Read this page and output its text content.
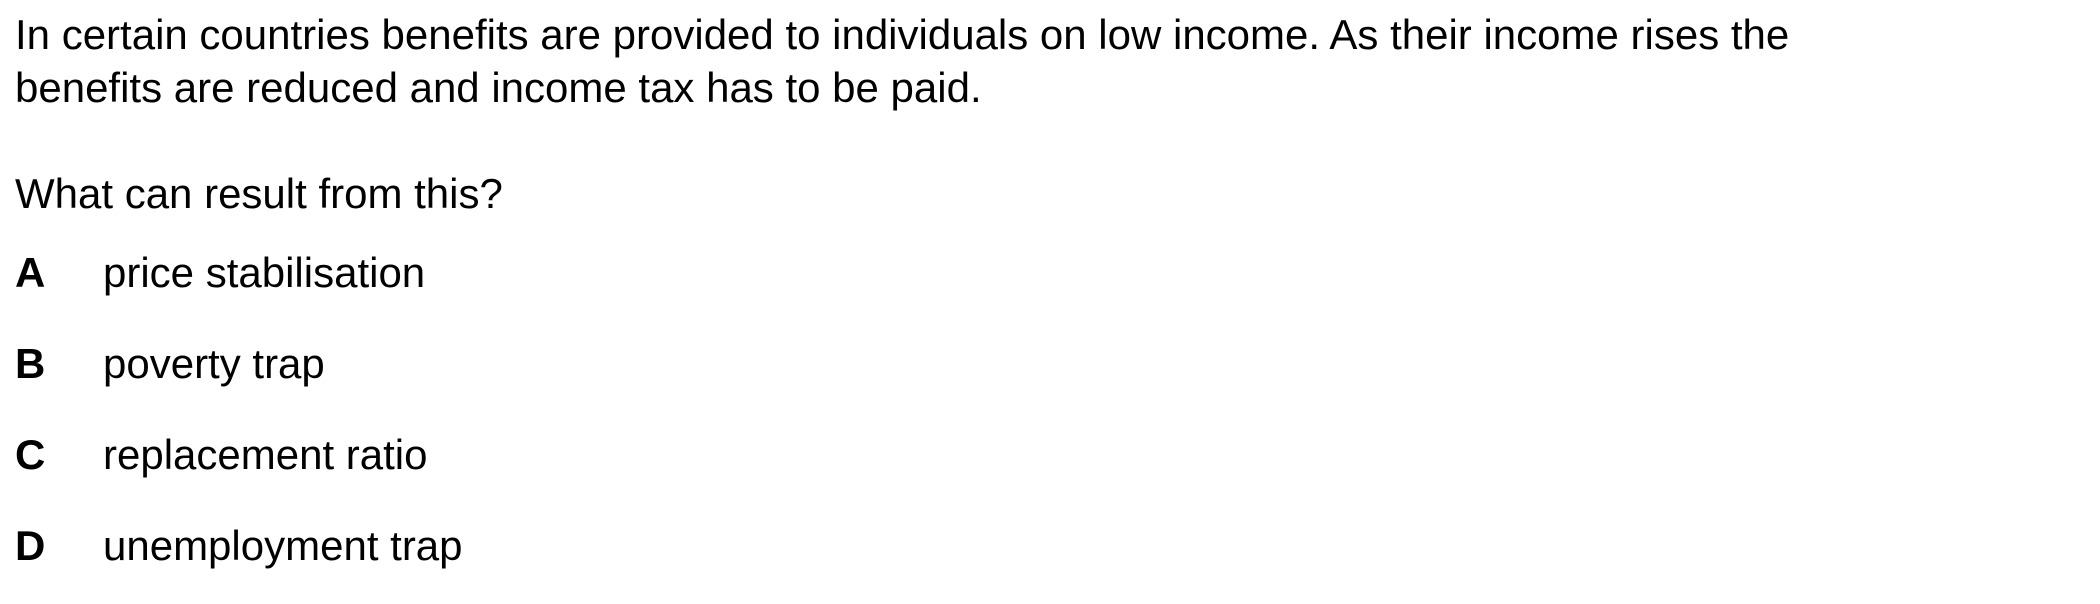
In certain countries benefits are provided to individuals on low income. As their income rises the
benefits are reduced and income tax has to be paid.

What can result from this?

A	price stabilisation
B	poverty trap
C	replacement ratio
D	unemployment trap
